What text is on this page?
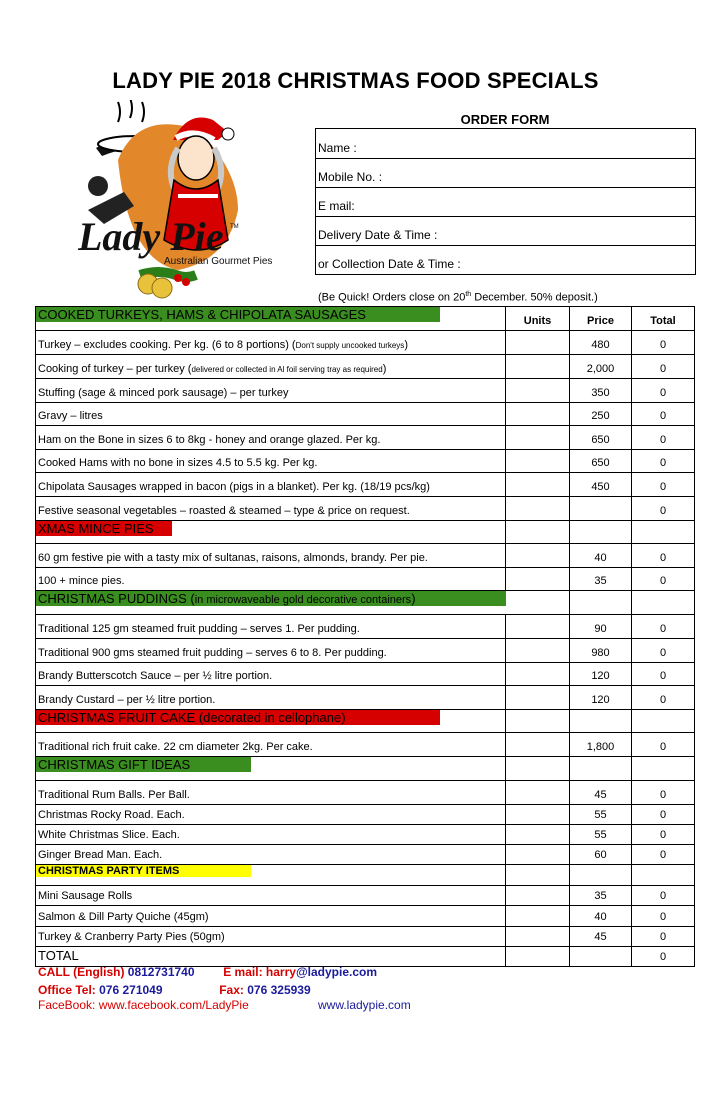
LADY PIE 2018 CHRISTMAS FOOD SPECIALS
Lady Pie TM
Australian Gourmet Pies
ORDER FORM
Name :
Mobile No. :
E mail:
Delivery Date & Time :
or Collection Date & Time :
(Be Quick! Orders close on 20th December. 50% deposit.)
COOKED TURKEYS, HAMS & CHIPOLATA SAUSAGES	Units	Price	Total
Turkey – excludes cooking. Per kg. (6 to 8 portions) (Don't supply uncooked turkeys)		480	0
Cooking of turkey – per turkey (delivered or collected in Al foil serving tray as required)		2,000	0
Stuffing (sage & minced pork sausage) – per turkey		350	0
Gravy – litres		250	0
Ham on the Bone in sizes 6 to 8kg - honey and orange glazed. Per kg.		650	0
Cooked Hams with no bone in sizes 4.5 to 5.5 kg. Per kg.		650	0
Chipolata Sausages wrapped in bacon (pigs in a blanket). Per kg. (18/19 pcs/kg)		450	0
Festive seasonal vegetables – roasted & steamed – type & price on request.			0

XMAS MINCE PIES			

60 gm festive pie with a tasty mix of sultanas, raisons, almonds, brandy. Per pie.		40	0
100 + mince pies.		35	0

CHRISTMAS PUDDINGS (in microwaveable gold decorative containers)			

Traditional 125 gm steamed fruit pudding – serves 1. Per pudding.		90	0
Traditional 900 gms steamed fruit pudding – serves 6 to 8. Per pudding.		980	0
Brandy Butterscotch Sauce – per ½ litre portion.		120	0
Brandy Custard – per ½ litre portion.		120	0

CHRISTMAS FRUIT CAKE (decorated in cellophane)			

Traditional rich fruit cake. 22 cm diameter 2kg. Per cake.		1,800	0

CHRISTMAS GIFT IDEAS			

Traditional Rum Balls. Per Ball.		45	0
Christmas Rocky Road. Each.		55	0
White Christmas Slice. Each.		55	0
Ginger Bread Man. Each.		60	0

CHRISTMAS PARTY ITEMS			

Mini Sausage Rolls		35	0
Salmon & Dill Party Quiche (45gm)		40	0
Turkey & Cranberry Party Pies (50gm)		45	0
TOTAL			0
CALL (English) 0812731740 E mail: harry@ladypie.com
Office Tel: 076 271049	Fax: 076 325939
FaceBook: www.facebook.com/LadyPie	www.ladypie.com
